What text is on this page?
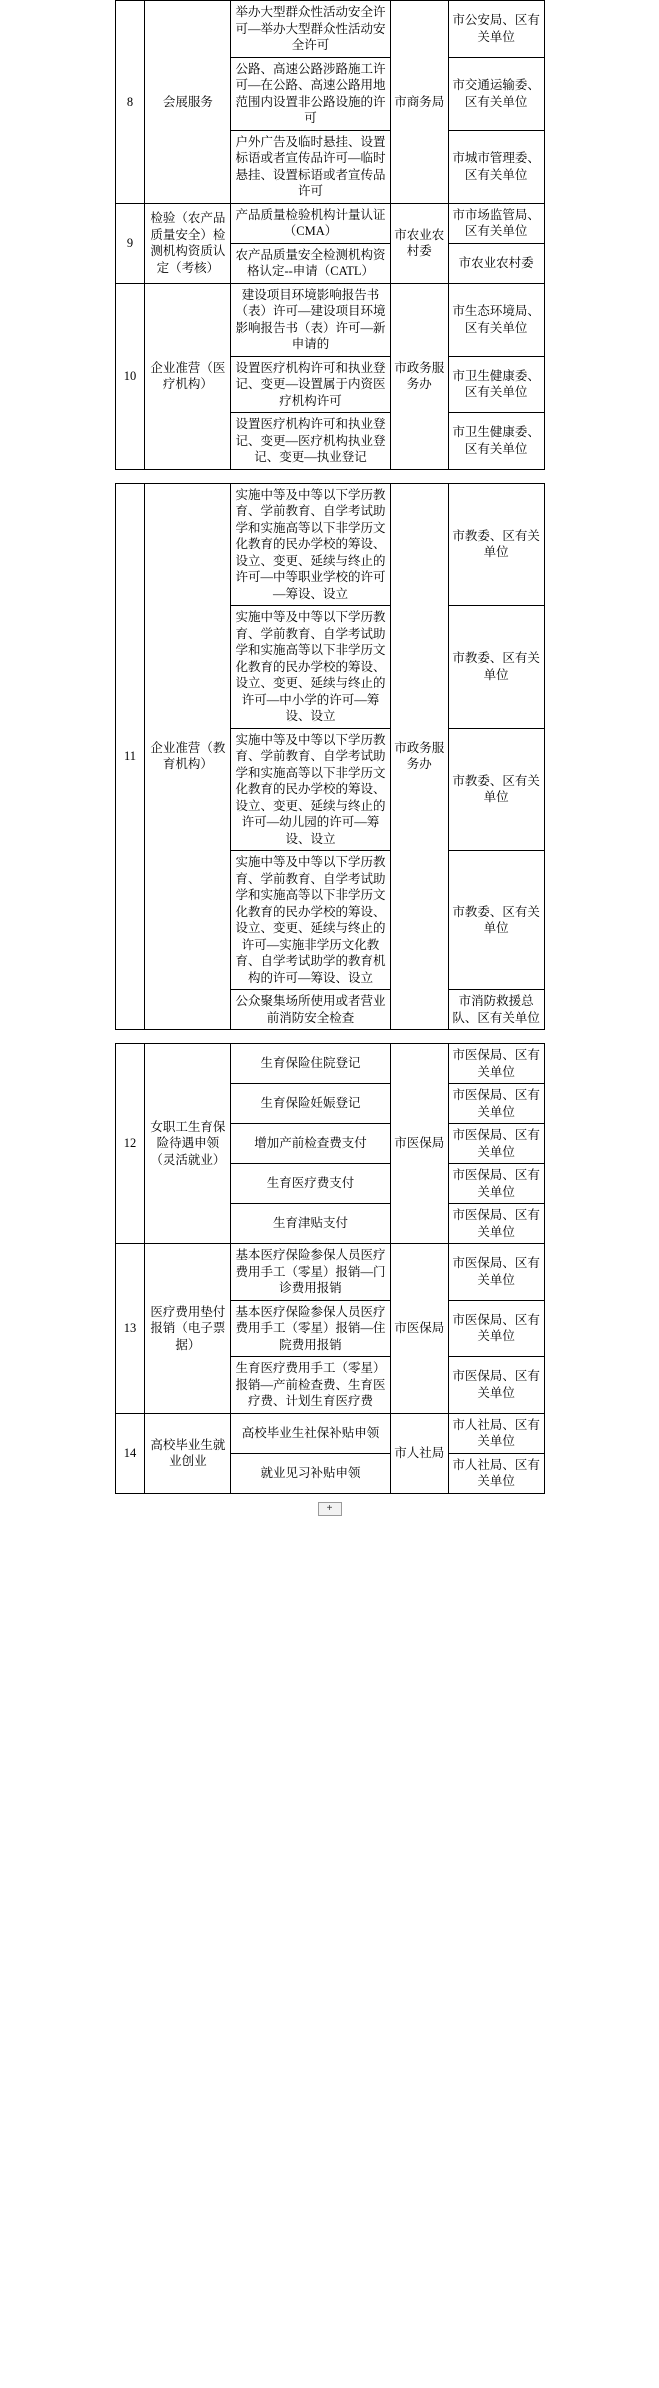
8	会展服务	举办大型群众性活动安全许可—举办大型群众性活动安全许可	市商务局	市公安局、区有关单位
		公路、高速公路涉路施工许可—在公路、高速公路用地范围内设置非公路设施的许可		市交通运输委、区有关单位
		户外广告及临时悬挂、设置标语或者宣传品许可—临时悬挂、设置标语或者宣传品许可		市城市管理委、区有关单位
9	检验（农产品质量安全）检测机构资质认定（考核）	产品质量检验机构计量认证（CMA）	市农业农村委	市市场监管局、区有关单位
		农产品质量安全检测机构资格认定--申请（CATL）		市农业农村委
10	企业准营（医疗机构）	建设项目环境影响报告书（表）许可—建设项目环境影响报告书（表）许可—新申请的	市政务服务办	市生态环境局、区有关单位
		设置医疗机构许可和执业登记、变更—设置属于内资医疗机构许可		市卫生健康委、区有关单位
		设置医疗机构许可和执业登记、变更—医疗机构执业登记、变更—执业登记		市卫生健康委、区有关单位
11	企业准营（教育机构）	实施中等及中等以下学历教育、学前教育、自学考试助学和实施高等以下非学历文化教育的民办学校的筹设、设立、变更、延续与终止的许可—中等职业学校的许可—筹设、设立	市政务服务办	市教委、区有关单位
		实施中等及中等以下学历教育、学前教育、自学考试助学和实施高等以下非学历文化教育的民办学校的筹设、设立、变更、延续与终止的许可—中小学的许可—筹设、设立		市教委、区有关单位
		实施中等及中等以下学历教育、学前教育、自学考试助学和实施高等以下非学历文化教育的民办学校的筹设、设立、变更、延续与终止的许可—幼儿园的许可—筹设、设立		市教委、区有关单位
		实施中等及中等以下学历教育、学前教育、自学考试助学和实施高等以下非学历文化教育的民办学校的筹设、设立、变更、延续与终止的许可—实施非学历文化教育、自学考试助学的教育机构的许可—筹设、设立		市教委、区有关单位
		公众聚集场所使用或者营业前消防安全检查		市消防救援总队、区有关单位
12	女职工生育保险待遇申领（灵活就业）	生育保险住院登记	市医保局	市医保局、区有关单位
		生育保险妊娠登记		市医保局、区有关单位
		增加产前检查费支付		市医保局、区有关单位
		生育医疗费支付		市医保局、区有关单位
		生育津贴支付		市医保局、区有关单位
13	医疗费用垫付报销（电子票据）	基本医疗保险参保人员医疗费用手工（零星）报销—门诊费用报销	市医保局	市医保局、区有关单位
		基本医疗保险参保人员医疗费用手工（零星）报销—住院费用报销		市医保局、区有关单位
		生育医疗费用手工（零星）报销—产前检查费、生育医疗费、计划生育医疗费		市医保局、区有关单位
14	高校毕业生就业创业	高校毕业生社保补贴申领	市人社局	市人社局、区有关单位
		就业见习补贴申领		市人社局、区有关单位
+
